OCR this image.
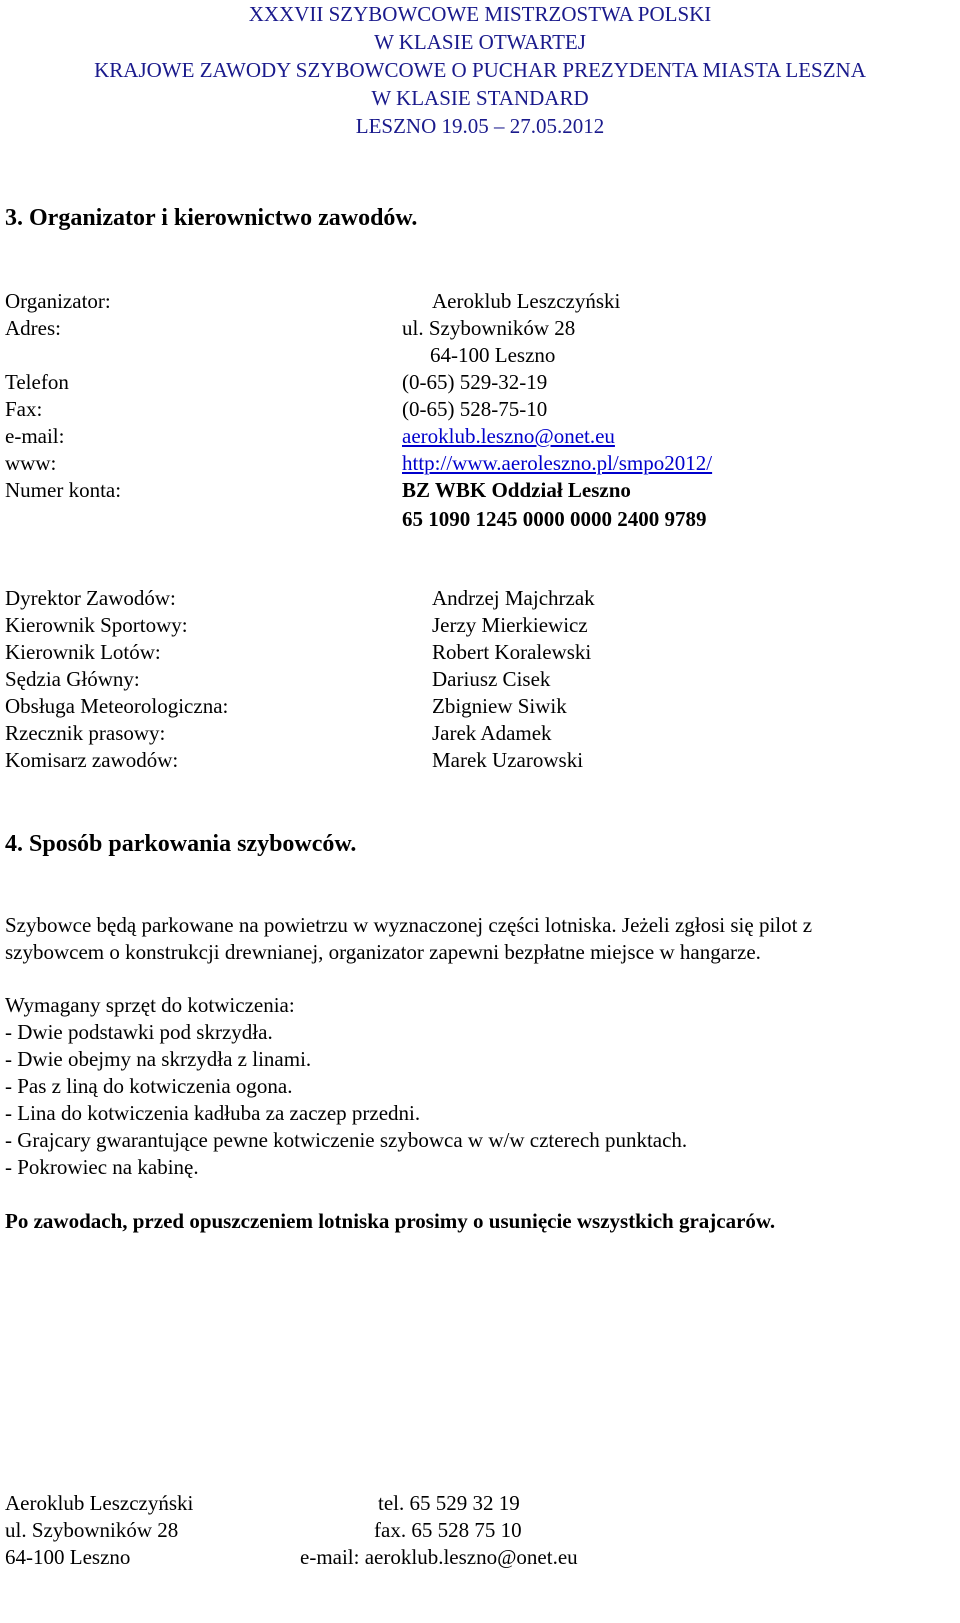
XXXVII SZYBOWCOWE MISTRZOSTWA POLSKI
W KLASIE OTWARTEJ
KRAJOWE ZAWODY SZYBOWCOWE O PUCHAR PREZYDENTA MIASTA LESZNA
W KLASIE STANDARD
LESZNO 19.05 – 27.05.2012
3. Organizator i kierownictwo zawodów.
Organizator:	Aeroklub Leszczyński
Adres:	ul. Szybowników 28
64-100 Leszno
Telefon	(0-65) 529-32-19
Fax:	(0-65) 528-75-10
e-mail:	aeroklub.leszno@onet.eu
www:	http://www.aeroleszno.pl/smpo2012/
Numer konta:	BZ WBK Oddział Leszno
65 1090 1245 0000 0000 2400 9789
Dyrektor Zawodów:	Andrzej Majchrzak
Kierownik Sportowy:	Jerzy Mierkiewicz
Kierownik Lotów:	Robert Koralewski
Sędzia Główny:	Dariusz Cisek
Obsługa Meteorologiczna:	Zbigniew Siwik
Rzecznik prasowy:	Jarek Adamek
Komisarz zawodów:	Marek Uzarowski
4. Sposób parkowania szybowców.
Szybowce będą parkowane na powietrzu w wyznaczonej części lotniska. Jeżeli zgłosi się pilot z
szybowcem o konstrukcji drewnianej, organizator zapewni bezpłatne miejsce w hangarze.
Wymagany sprzęt do kotwiczenia:
- Dwie podstawki pod skrzydła.
- Dwie obejmy na skrzydła z linami.
- Pas z liną do kotwiczenia ogona.
- Lina do kotwiczenia kadłuba za zaczep przedni.
- Grajcary gwarantujące pewne kotwiczenie szybowca w w/w czterech punktach.
- Pokrowiec na kabinę.
Po zawodach, przed opuszczeniem lotniska prosimy o usunięcie wszystkich grajcarów.
Aeroklub Leszczyński	tel. 65 529 32 19
ul. Szybowników 28	fax. 65 528 75 10
64-100 Leszno	e-mail: aeroklub.leszno@onet.eu
